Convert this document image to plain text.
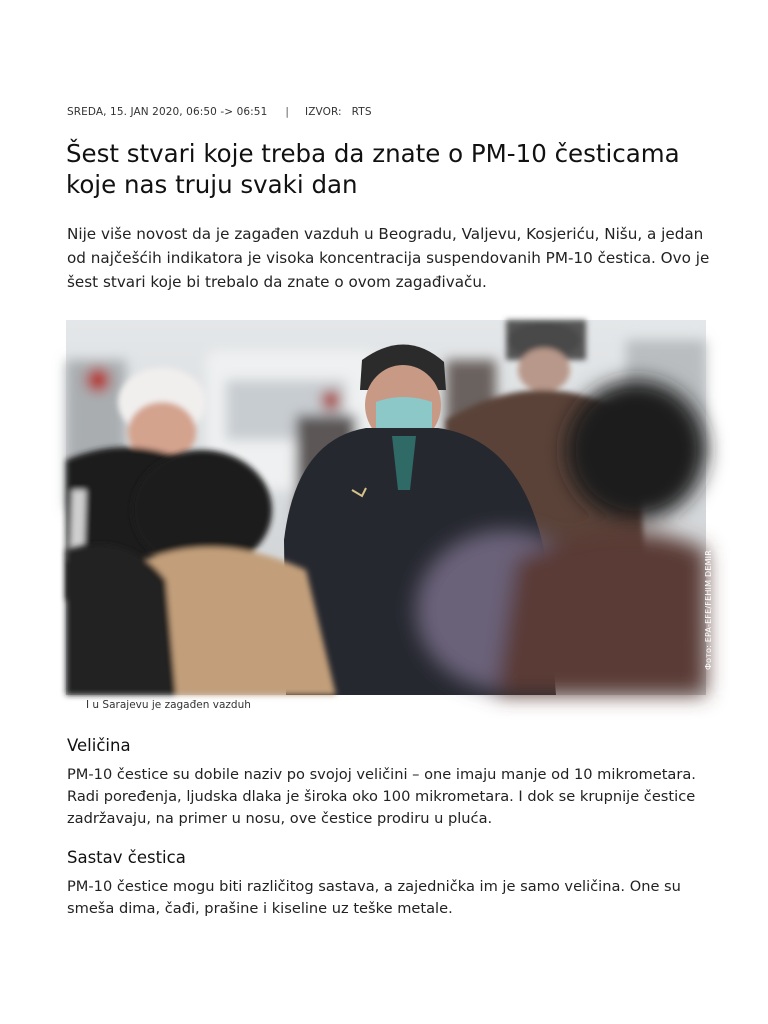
SREDA, 15. JAN 2020, 06:50 -> 06:51 | IZVOR: RTS
Šest stvari koje treba da znate o PM-10 česticama koje nas truju svaki dan

Nije više novost da je zagađen vazduh u Beogradu, Valjevu, Kosjeriću, Nišu, a jedan od najčešćih indikatora je visoka koncentracija suspendovanih PM-10 čestica. Ovo je šest stvari koje bi trebalo da znate o ovom zagađivaču.

Фото: EPA-EFE/FEHIM DEMIR
I u Sarajevu je zagađen vazduh
Veličina

PM-10 čestice su dobile naziv po svojoj veličini – one imaju manje od 10 mikrometara. Radi poređenja, ljudska dlaka je široka oko 100 mikrometara. I dok se krupnije čestice zadržavaju, na primer u nosu, ove čestice prodiru u pluća.

Sastav čestica

PM-10 čestice mogu biti različitog sastava, a zajednička im je samo veličina. One su smeša dima, čađi, prašine i kiseline uz teške metale.
